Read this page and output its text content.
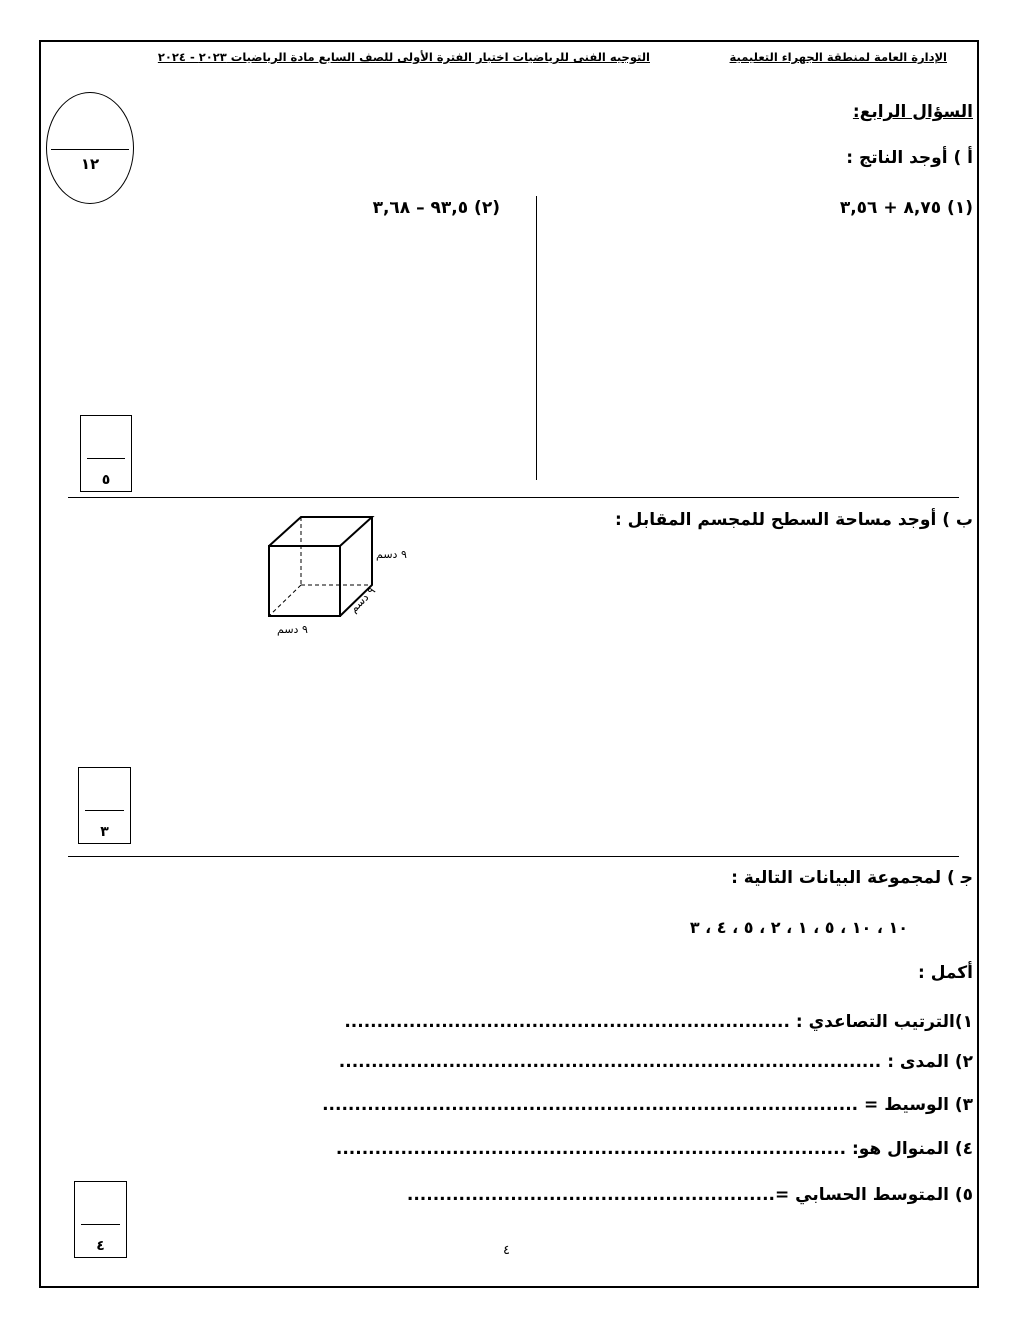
الإدارة العامة لمنطقة الجهراء التعليمية
التوجيه الفنى للرياضيات اختبار الفترة الأولى للصف السابع مادة الرياضيات ٢٠٢٣ - ٢٠٢٤
١٢
السؤال الرابع:
أ ) أوجد الناتج :
(١) ٨,٧٥ + ٣,٥٦
(٢) ٩٣,٥ – ٣,٦٨
٥
ب ) أوجد مساحة السطح للمجسم المقابل :
٩ دسم
٩ دسم
٩ دسم
٣
ﺟ ) لمجموعة البيانات التالية :
١٠ ، ١٠ ، ٥ ، ١ ، ٢ ، ٥ ، ٤ ، ٣
أكمل :
١)الترتيب التصاعدي : .....................................................................
٢) المدى : ....................................................................................
٣) الوسيط = ...................................................................................
٤) المنوال هو: ...............................................................................
٥) المتوسط الحسابي =.........................................................
٤	٤
